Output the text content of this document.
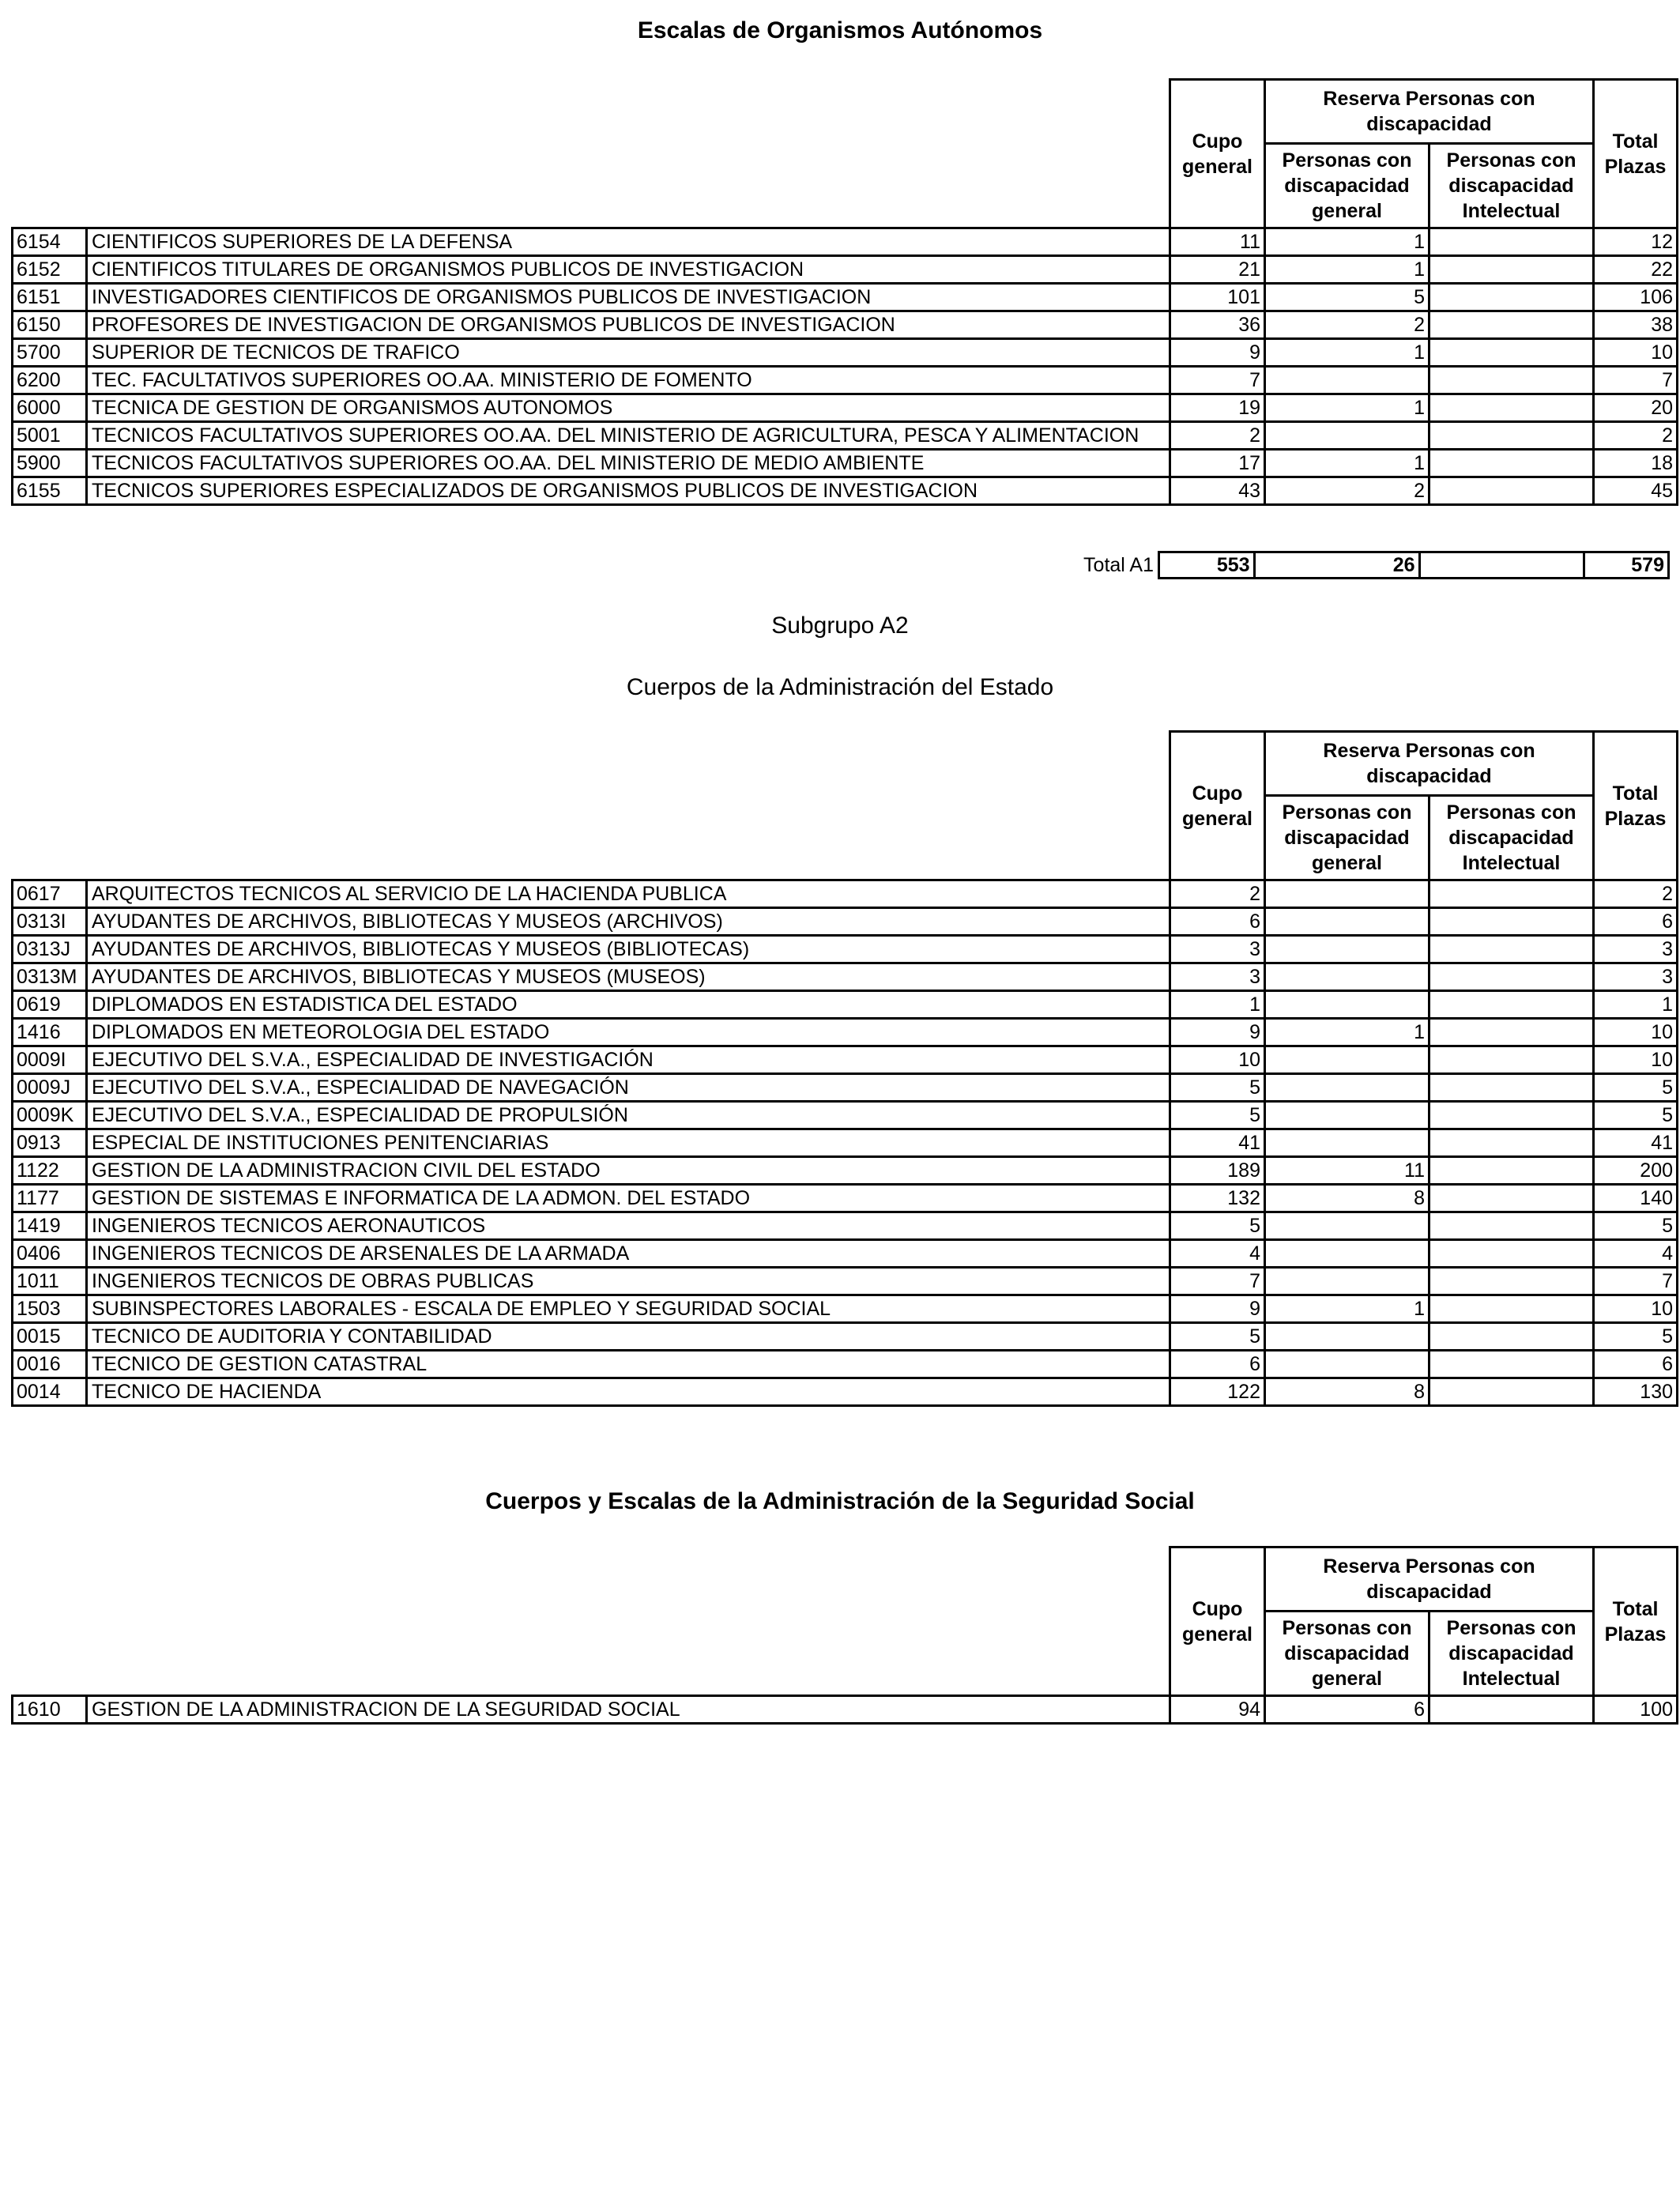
Escalas de Organismos Autónomos
		Cupo general	Reserva Personas con discapacidad		Total Plazas
			Personas con discapacidad general	Personas con discapacidad Intelectual	
6154	CIENTIFICOS SUPERIORES DE LA DEFENSA	11	1		12
6152	CIENTIFICOS TITULARES DE ORGANISMOS PUBLICOS DE INVESTIGACION	21	1		22
6151	INVESTIGADORES CIENTIFICOS DE ORGANISMOS PUBLICOS DE INVESTIGACION	101	5		106
6150	PROFESORES DE INVESTIGACION DE ORGANISMOS PUBLICOS DE INVESTIGACION	36	2		38
5700	SUPERIOR DE TECNICOS DE TRAFICO	9	1		10
6200	TEC. FACULTATIVOS SUPERIORES OO.AA. MINISTERIO DE FOMENTO	7			7
6000	TECNICA DE GESTION DE ORGANISMOS AUTONOMOS	19	1		20
5001	TECNICOS FACULTATIVOS SUPERIORES OO.AA. DEL MINISTERIO DE AGRICULTURA, PESCA Y ALIMENTACION	2			2
5900	TECNICOS FACULTATIVOS SUPERIORES OO.AA. DEL MINISTERIO DE MEDIO AMBIENTE	17	1		18
6155	TECNICOS SUPERIORES ESPECIALIZADOS DE ORGANISMOS PUBLICOS DE INVESTIGACION	43	2		45
Total A1	553	26		579
Subgrupo A2
Cuerpos de la Administración del Estado
		Cupo general	Reserva Personas con discapacidad		Total Plazas
			Personas con discapacidad general	Personas con discapacidad Intelectual	
0617	ARQUITECTOS TECNICOS AL SERVICIO DE LA HACIENDA PUBLICA	2			2
0313I	AYUDANTES DE ARCHIVOS, BIBLIOTECAS Y MUSEOS (ARCHIVOS)	6			6
0313J	AYUDANTES DE ARCHIVOS, BIBLIOTECAS Y MUSEOS (BIBLIOTECAS)	3			3
0313M	AYUDANTES DE ARCHIVOS, BIBLIOTECAS Y MUSEOS (MUSEOS)	3			3
0619	DIPLOMADOS EN ESTADISTICA DEL ESTADO	1			1
1416	DIPLOMADOS EN METEOROLOGIA DEL ESTADO	9	1		10
0009I	EJECUTIVO DEL S.V.A., ESPECIALIDAD DE INVESTIGACIÓN	10			10
0009J	EJECUTIVO DEL S.V.A., ESPECIALIDAD DE NAVEGACIÓN	5			5
0009K	EJECUTIVO DEL S.V.A., ESPECIALIDAD DE PROPULSIÓN	5			5
0913	ESPECIAL DE INSTITUCIONES PENITENCIARIAS	41			41
1122	GESTION DE LA ADMINISTRACION CIVIL DEL ESTADO	189	11		200
1177	GESTION DE SISTEMAS E INFORMATICA DE LA ADMON. DEL ESTADO	132	8		140
1419	INGENIEROS TECNICOS AERONAUTICOS	5			5
0406	INGENIEROS TECNICOS DE ARSENALES DE LA ARMADA	4			4
1011	INGENIEROS TECNICOS DE OBRAS PUBLICAS	7			7
1503	SUBINSPECTORES LABORALES - ESCALA DE EMPLEO Y SEGURIDAD SOCIAL	9	1		10
0015	TECNICO DE AUDITORIA Y CONTABILIDAD	5			5
0016	TECNICO DE GESTION CATASTRAL	6			6
0014	TECNICO DE HACIENDA	122	8		130
Cuerpos y Escalas de la Administración de la Seguridad Social
		Cupo general	Reserva Personas con discapacidad		Total Plazas
			Personas con discapacidad general	Personas con discapacidad Intelectual	
1610	GESTION DE LA ADMINISTRACION DE LA SEGURIDAD SOCIAL	94	6		100
